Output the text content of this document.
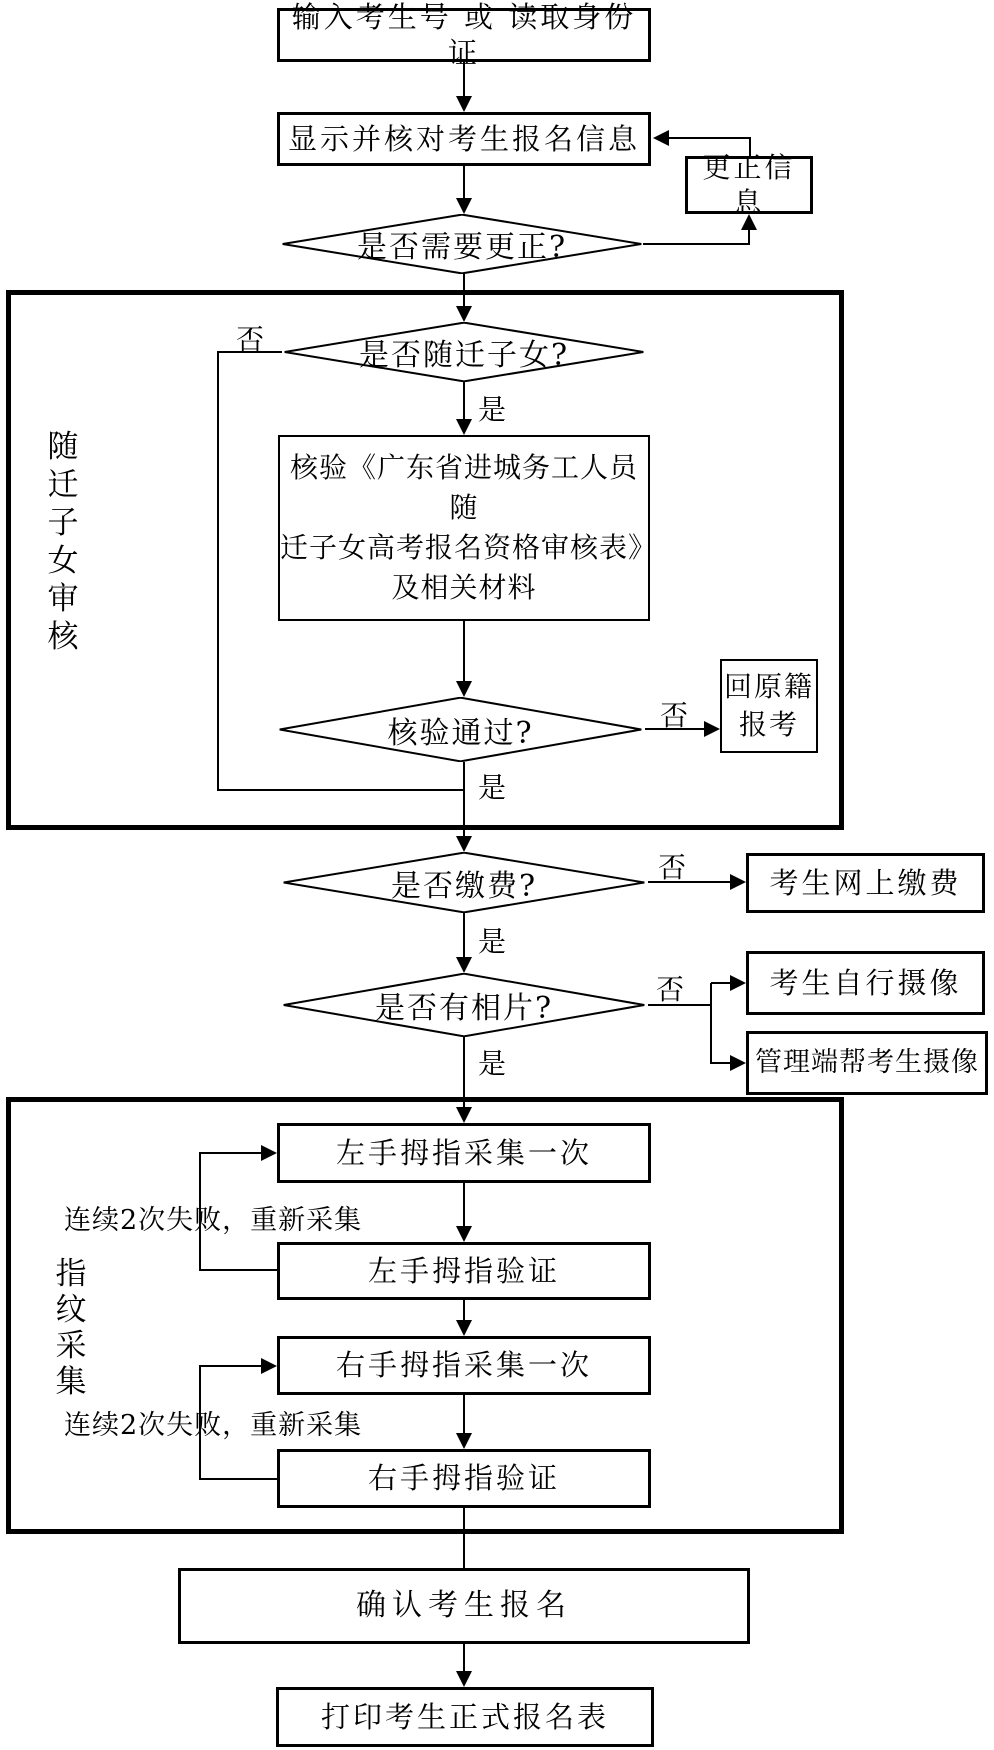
随迁子女审核
指纹采集
输入考生号 或 读取身份证
显示并核对考生报名信息
更正信息
核验《广东省进城务工人员随
迁子女高考报名资格审核表》
及相关材料
回原籍
报考
考生网上缴费
考生自行摄像
管理端帮考生摄像
左手拇指采集一次
左手拇指验证
右手拇指采集一次
右手拇指验证
确认考生报名
打印考生正式报名表
是否需要更正?
是否随迁子女?
核验通过?
是否缴费?
是否有相片?
否
是
否
是
否
是
否
是
连续2次失败，重新采集
连续2次失败，重新采集
